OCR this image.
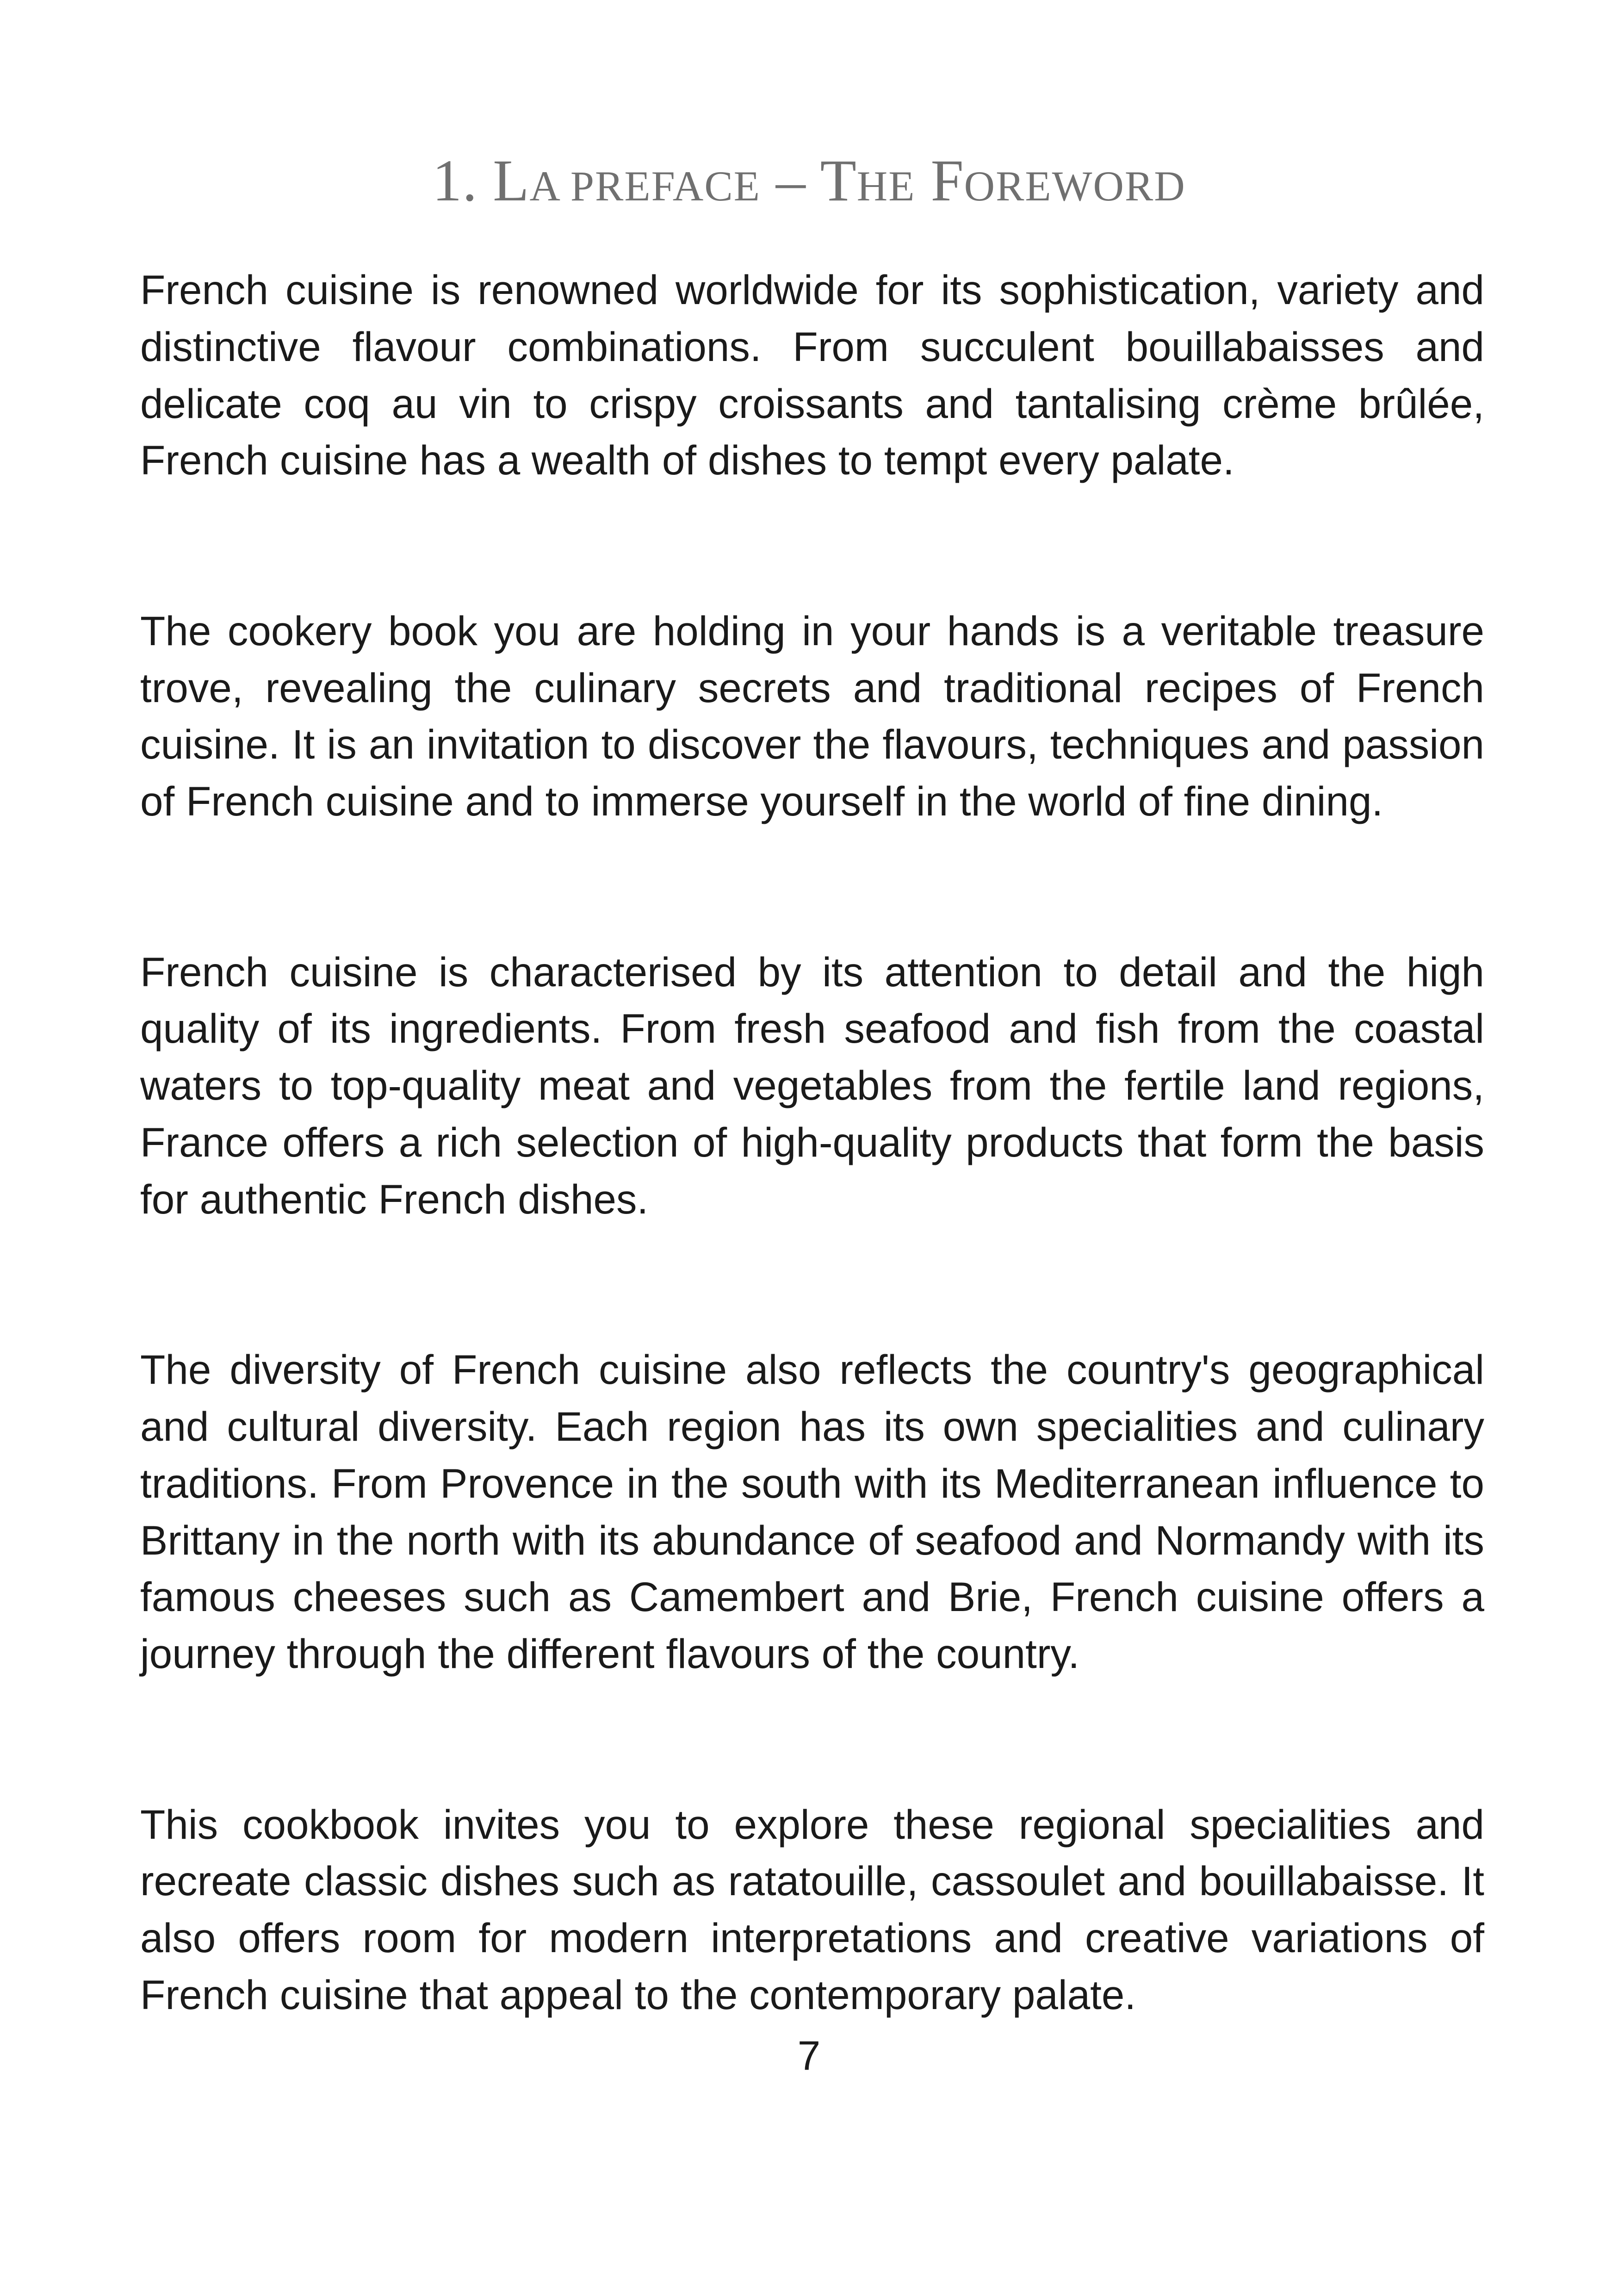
1. LA PREFACE – THE FOREWORD

French cuisine is renowned worldwide for its sophistication, variety and distinctive flavour combinations. From succulent bouillabaisses and delicate coq au vin to crispy croissants and tantalising crème brûlée, French cuisine has a wealth of dishes to tempt every palate.

The cookery book you are holding in your hands is a veritable treasure trove, revealing the culinary secrets and traditional recipes of French cuisine. It is an invitation to discover the flavours, techniques and passion of French cuisine and to immerse yourself in the world of fine dining.

French cuisine is characterised by its attention to detail and the high quality of its ingredients. From fresh seafood and fish from the coastal waters to top-quality meat and vegetables from the fertile land regions, France offers a rich selection of high-quality products that form the basis for authentic French dishes.

The diversity of French cuisine also reflects the country's geographical and cultural diversity. Each region has its own specialities and culinary traditions. From Provence in the south with its Mediterranean influence to Brittany in the north with its abundance of seafood and Normandy with its famous cheeses such as Camembert and Brie, French cuisine offers a journey through the different flavours of the country.

This cookbook invites you to explore these regional specialities and recreate classic dishes such as ratatouille, cassoulet and bouillabaisse. It also offers room for modern interpretations and creative variations of French cuisine that appeal to the contemporary palate.

7
